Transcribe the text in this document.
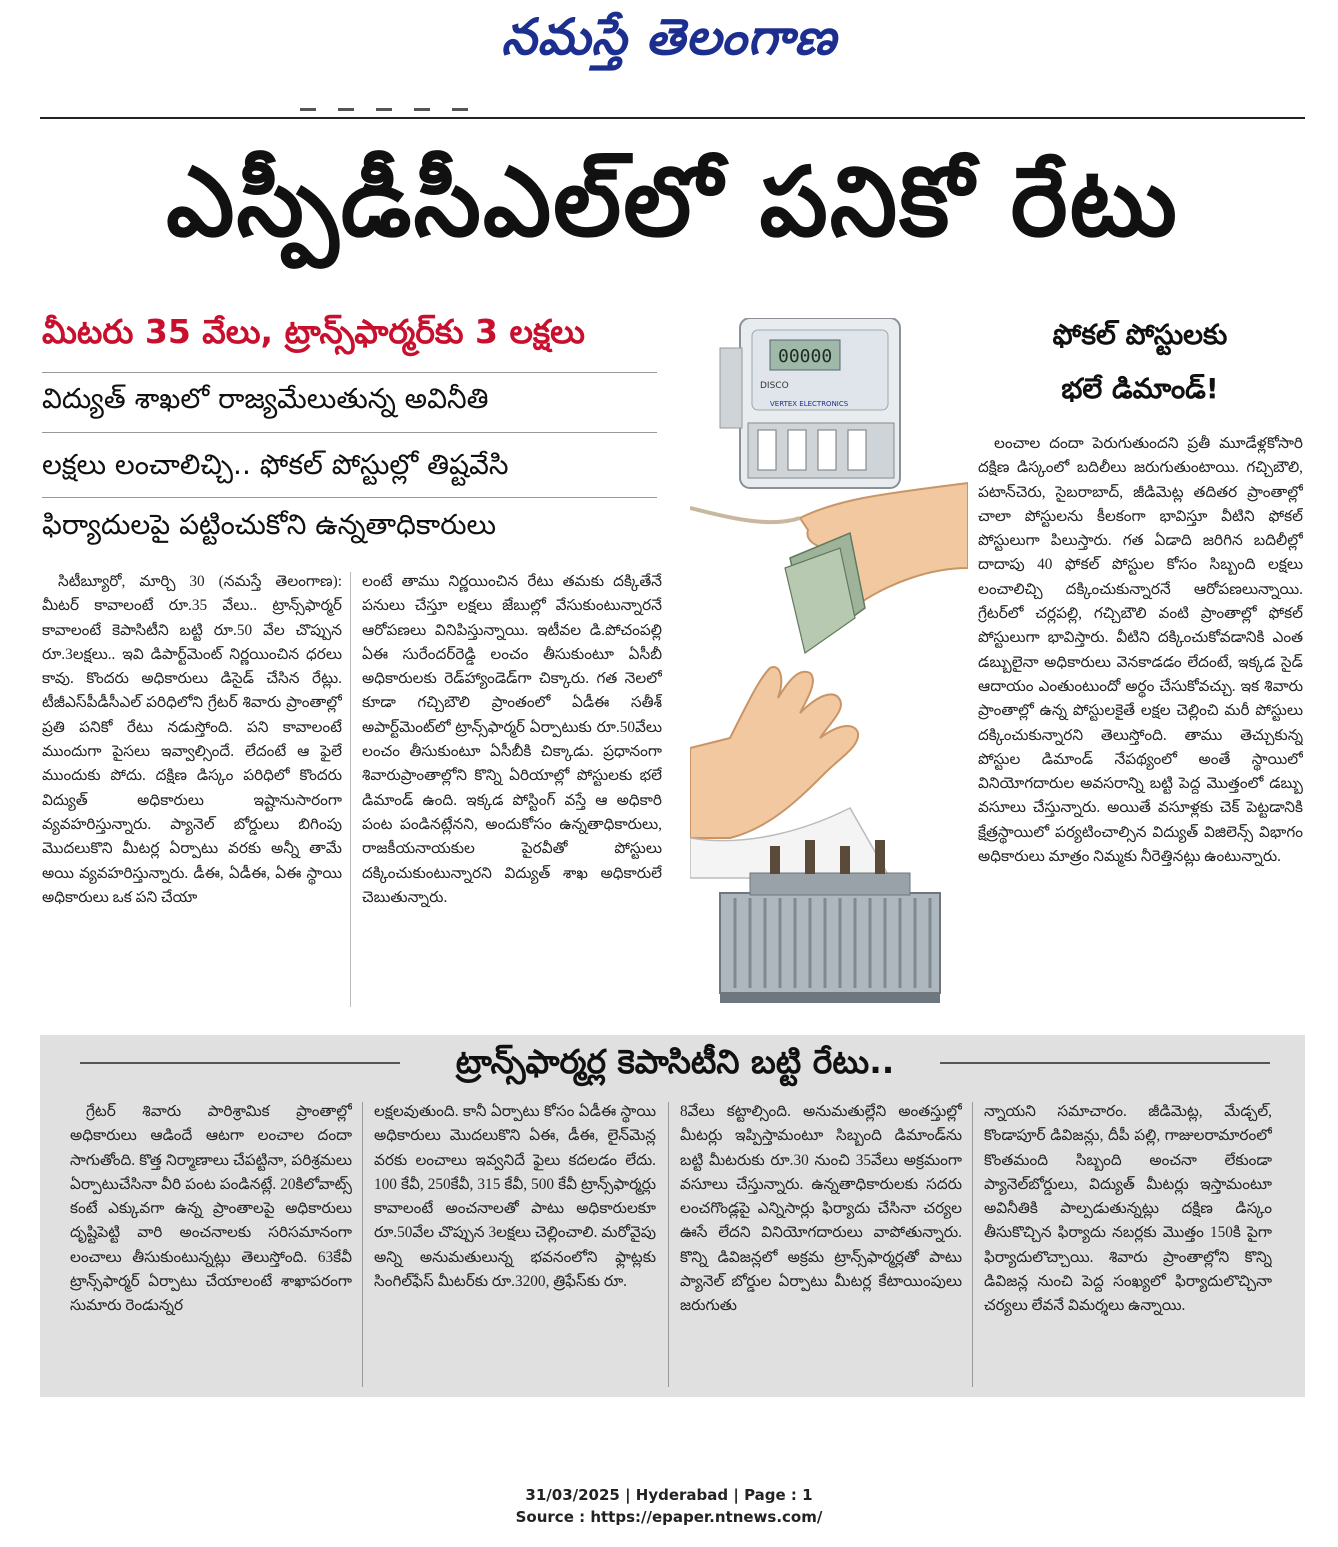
నమస్తే తెలంగాణ
ఎస్పీడీసీఎల్‌లో పనికో రేటు
మీటరు 35 వేలు, ట్రాన్స్‌ఫార్మర్‌కు 3 లక్షలు
విద్యుత్ శాఖలో రాజ్యమేలుతున్న అవినీతి
లక్షలు లంచాలిచ్చి.. ఫోకల్ పోస్టుల్లో తిష్టవేసి
ఫిర్యాదులపై పట్టించుకోని ఉన్నతాధికారులు

సిటీబ్యూరో, మార్చి 30 (నమస్తే తెలంగాణ): మీటర్ కావాలంటే రూ.35 వేలు.. ట్రాన్స్‌ఫార్మర్ కావాలంటే కెపాసిటీని బట్టి రూ.50 వేల చొప్పున రూ.3లక్షలు.. ఇవి డిపార్ట్‌మెంట్ నిర్ణయించిన ధరలు కావు. కొందరు అధికారులు డిసైడ్ చేసిన రేట్లు. టీజీఎస్‌పీడీసీఎల్ పరిధిలోని గ్రేటర్ శివారు ప్రాంతాల్లో ప్రతి పనికో రేటు నడుస్తోంది. పని కావాలంటే ముందుగా పైసలు ఇవ్వాల్సిందే. లేదంటే ఆ ఫైలే ముందుకు పోదు. దక్షిణ డిస్కం పరిధిలో కొందరు విద్యుత్ అధికారులు ఇష్టానుసారంగా వ్యవహరిస్తున్నారు. ప్యానెల్ బోర్డులు బిగింపు మొదలుకొని మీటర్ల ఏర్పాటు వరకు అన్నీ తామే అయి వ్యవహరిస్తున్నారు. డీఈ, ఏడీఈ, ఏఈ స్థాయి అధికారులు ఒక పని చేయా

లంటే తాము నిర్ణయించిన రేటు తమకు దక్కితేనే పనులు చేస్తూ లక్షలు జేబుల్లో వేసుకుంటున్నారనే ఆరోపణలు వినిపిస్తున్నాయి. ఇటీవల డి.పోచంపల్లి ఏఈ సురేందర్‌రెడ్డి లంచం తీసుకుంటూ ఏసీబీ అధికారులకు రెడ్‌హ్యాండెడ్‌గా చిక్కారు. గత నెలలో కూడా గచ్చిబౌలి ప్రాంతంలో ఏడీఈ సతీశ్ అపార్ట్‌మెంట్‌లో ట్రాన్స్‌ఫార్మర్ ఏర్పాటుకు రూ.50వేలు లంచం తీసుకుంటూ ఏసీబీకి చిక్కాడు. ప్రధానంగా శివారుప్రాంతాల్లోని కొన్ని ఏరియాల్లో పోస్టులకు భలే డిమాండ్ ఉంది. ఇక్కడ పోస్టింగ్ వస్తే ఆ అధికారి పంట పండినట్లేనని, అందుకోసం ఉన్నతాధికారులు, రాజకీయనాయకుల పైరవీతో పోస్టులు దక్కించుకుంటున్నారని విద్యుత్ శాఖ అధికారులే చెబుతున్నారు.

00000
DISCO
VERTEX ELECTRONICS
ఫోకల్ పోస్టులకు
భలే డిమాండ్!

లంచాల దందా పెరుగుతుందని ప్రతీ మూడేళ్లకోసారి దక్షిణ డిస్కంలో బదిలీలు జరుగుతుంటాయి. గచ్చిబౌలి, పటాన్‌చెరు, సైబరాబాద్, జీడిమెట్ల తదితర ప్రాంతాల్లో చాలా పోస్టులను కీలకంగా భావిస్తూ వీటిని ఫోకల్ పోస్టులుగా పిలుస్తారు. గత ఏడాది జరిగిన బదిలీల్లో దాదాపు 40 ఫోకల్ పోస్టుల కోసం సిబ్బంది లక్షలు లంచాలిచ్చి దక్కించుకున్నారనే ఆరోపణలున్నాయి. గ్రేటర్‌లో చర్లపల్లి, గచ్చిబౌలి వంటి ప్రాంతాల్లో ఫోకల్ పోస్టులుగా భావిస్తారు. వీటిని దక్కించుకోవడానికి ఎంత డబ్బులైనా అధికారులు వెనకాడడం లేదంటే, ఇక్కడ సైడ్ ఆదాయం ఎంతుంటుందో అర్థం చేసుకోవచ్చు. ఇక శివారు ప్రాంతాల్లో ఉన్న పోస్టులకైతే లక్షల చెల్లించి మరీ పోస్టులు దక్కించుకున్నారని తెలుస్తోంది. తాము తెచ్చుకున్న పోస్టుల డిమాండ్ నేపథ్యంలో అంతే స్థాయిలో వినియోగదారుల అవసరాన్ని బట్టి పెద్ద మొత్తంలో డబ్బు వసూలు చేస్తున్నారు. అయితే వసూళ్లకు చెక్ పెట్టడానికి క్షేత్రస్థాయిలో పర్యటించాల్సిన విద్యుత్ విజిలెన్స్ విభాగం అధికారులు మాత్రం నిమ్మకు నీరెత్తినట్లు ఉంటున్నారు.

ట్రాన్స్‌ఫార్మర్ల కెపాసిటీని బట్టి రేటు..

గ్రేటర్ శివారు పారిశ్రామిక ప్రాంతాల్లో అధికారులు ఆడిందే ఆటగా లంచాల దందా సాగుతోంది. కొత్త నిర్మాణాలు చేపట్టినా, పరిశ్రమలు ఏర్పాటుచేసినా వీరి పంట పండినట్లే. 20కిలోవాట్స్ కంటే ఎక్కువగా ఉన్న ప్రాంతాలపై అధికారులు దృష్టిపెట్టి వారి అంచనాలకు సరిసమానంగా లంచాలు తీసుకుంటున్నట్లు తెలుస్తోంది. 63కేవీ ట్రాన్స్‌ఫార్మర్ ఏర్పాటు చేయాలంటే శాఖాపరంగా సుమారు రెండున్నర

లక్షలవుతుంది. కానీ ఏర్పాటు కోసం ఏడీఈ స్థాయి అధికారులు మొదలుకొని ఏఈ, డీఈ, లైన్‌మెన్ల వరకు లంచాలు ఇవ్వనిదే ఫైలు కదలడం లేదు. 100 కేవీ, 250కేవీ, 315 కేవీ, 500 కేవీ ట్రాన్స్‌ఫార్మర్లు కావాలంటే అంచనాలతో పాటు అధికారులకూ రూ.50వేల చొప్పున 3లక్షలు చెల్లించాలి. మరోవైపు అన్ని అనుమతులున్న భవనంలోని ఫ్లాట్లకు సింగిల్‌ఫేస్ మీటర్‌కు రూ.3200, త్రిఫేస్‌కు రూ.

8వేలు కట్టాల్సింది. అనుమతుల్లేని అంతస్తుల్లో మీటర్లు ఇప్పిస్తామంటూ సిబ్బంది డిమాండ్‌ను బట్టి మీటరుకు రూ.30 నుంచి 35వేలు అక్రమంగా వసూలు చేస్తున్నారు. ఉన్నతాధికారులకు సదరు లంచగొండ్లపై ఎన్నిసార్లు ఫిర్యాదు చేసినా చర్యల ఊసే లేదని వినియోగదారులు వాపోతున్నారు. కొన్ని డివిజన్లలో అక్రమ ట్రాన్స్‌ఫార్మర్లతో పాటు ప్యానెల్ బోర్డుల ఏర్పాటు మీటర్ల కేటాయింపులు జరుగుతు

న్నాయని సమాచారం. జీడిమెట్ల, మేడ్చల్, కొండాపూర్ డివిజన్లు, దీపీ పల్లి, గాజులరామారంలో కొంతమంది సిబ్బంది అంచనా లేకుండా ప్యానెల్‌బోర్డులు, విద్యుత్ మీటర్లు ఇస్తామంటూ అవినీతికి పాల్పడుతున్నట్లు దక్షిణ డిస్కం తీసుకొచ్చిన ఫిర్యాదు నబర్లకు మొత్తం 150కి పైగా ఫిర్యాదులొచ్చాయి. శివారు ప్రాంతాల్లోని కొన్ని డివిజన్ల నుంచి పెద్ద సంఖ్యలో ఫిర్యాదులొచ్చినా చర్యలు లేవనే విమర్శలు ఉన్నాయి.

31/03/2025 | Hyderabad | Page : 1
Source : https://epaper.ntnews.com/
